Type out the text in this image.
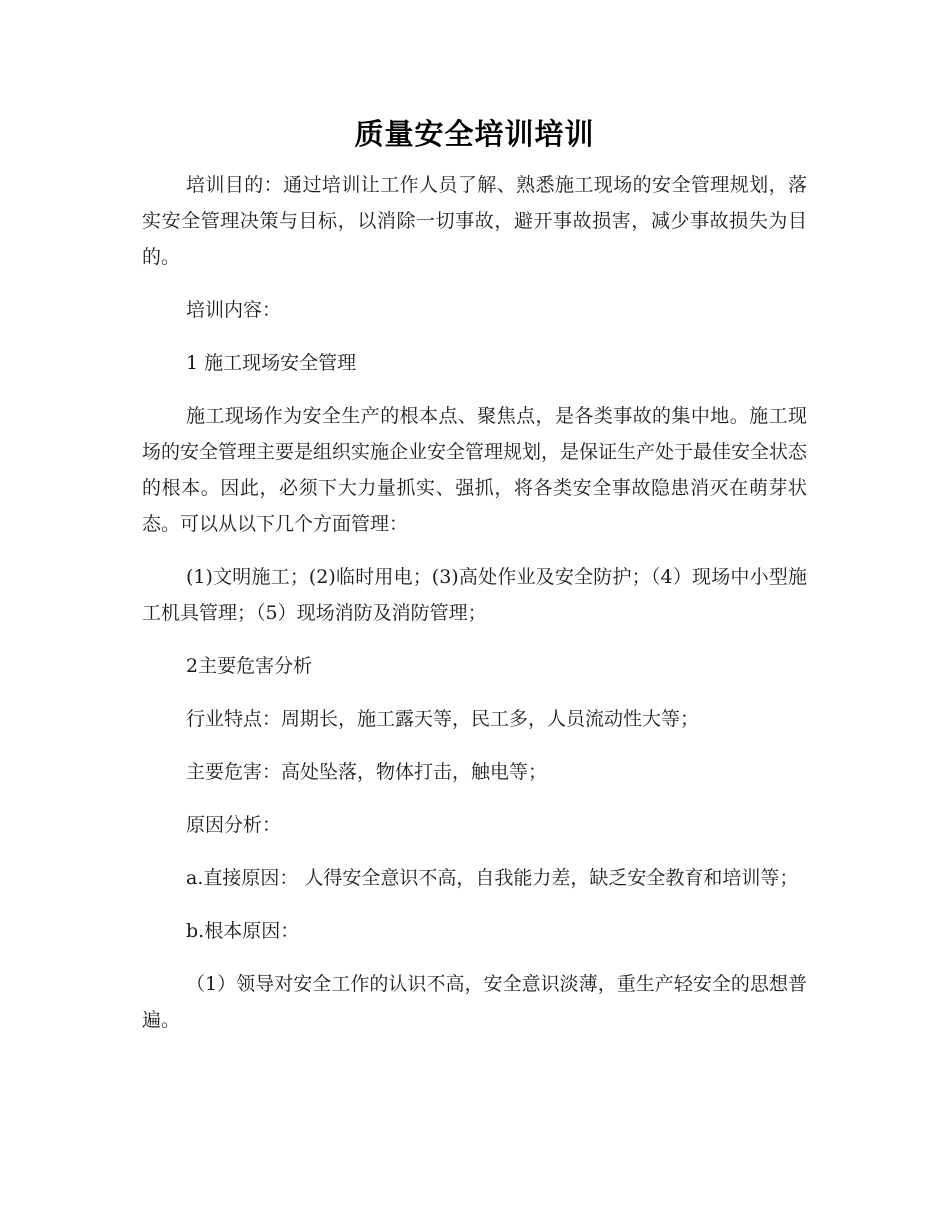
质量安全培训培训

培训目的：通过培训让工作人员了解、熟悉施工现场的安全管理规划，落实安全管理决策与目标，以消除一切事故，避开事故损害，减少事故损失为目的。

培训内容：

1 施工现场安全管理

施工现场作为安全生产的根本点、聚焦点，是各类事故的集中地。施工现场的安全管理主要是组织实施企业安全管理规划，是保证生产处于最佳安全状态的根本。因此，必须下大力量抓实、强抓，将各类安全事故隐患消灭在萌芽状态。可以从以下几个方面管理：

(1)文明施工；(2)临时用电；(3)高处作业及安全防护；（4）现场中小型施工机具管理；（5）现场消防及消防管理；

2主要危害分析

行业特点：周期长，施工露天等，民工多，人员流动性大等；

主要危害：高处坠落，物体打击，触电等；

原因分析：

a.直接原因： 人得安全意识不高，自我能力差，缺乏安全教育和培训等；

b.根本原因：

（1）领导对安全工作的认识不高，安全意识淡薄，重生产轻安全的思想普遍。
